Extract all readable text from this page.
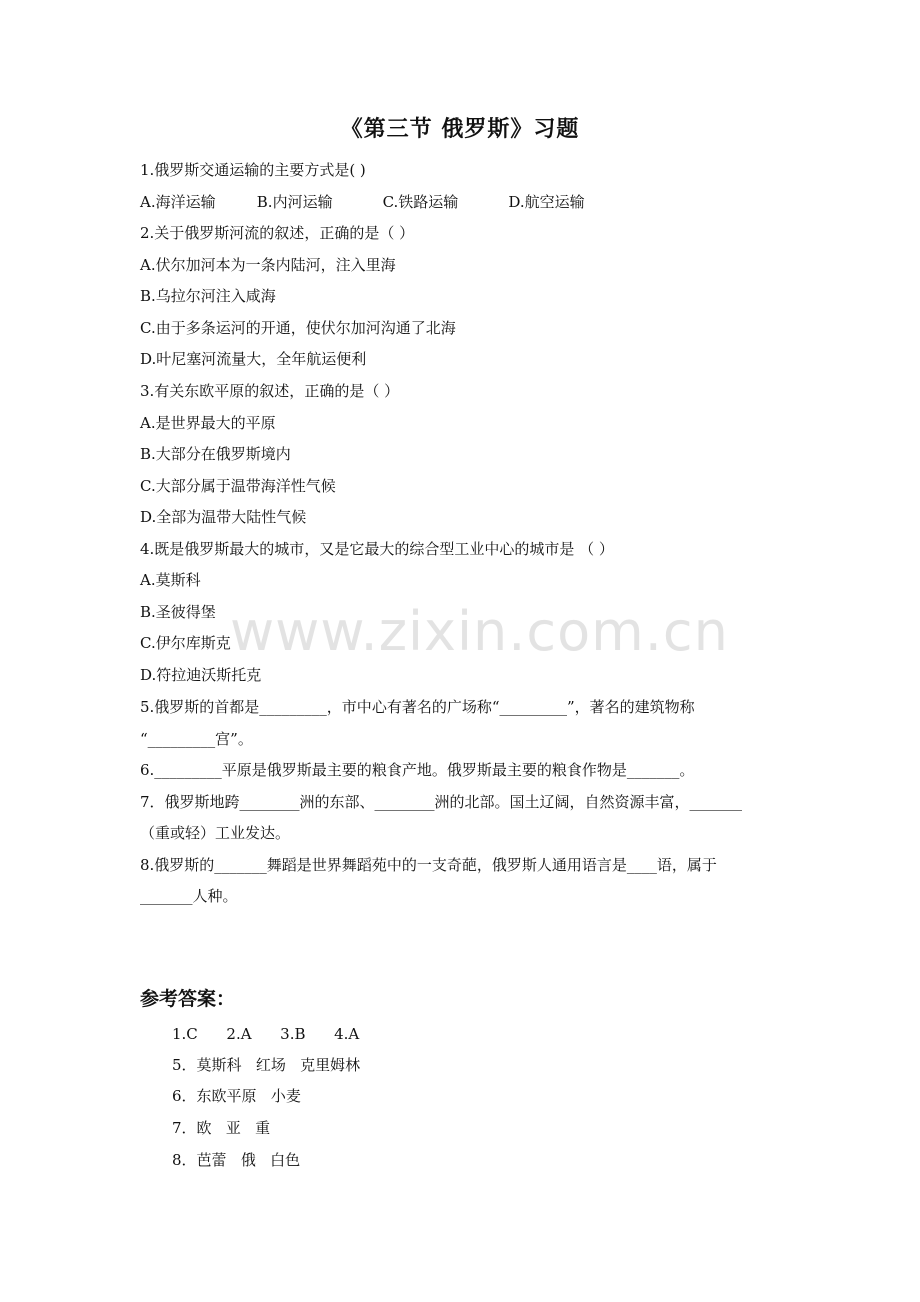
www.zixin.com.cn
《第三节 俄罗斯》习题
1.俄罗斯交通运输的主要方式是( )
A.海洋运输	B.内河运输	C.铁路运输	D.航空运输
2.关于俄罗斯河流的叙述，正确的是（ ）
A.伏尔加河本为一条内陆河，注入里海
B.乌拉尔河注入咸海
C.由于多条运河的开通，使伏尔加河沟通了北海
D.叶尼塞河流量大，全年航运便利
3.有关东欧平原的叙述，正确的是（ ）
A.是世界最大的平原
B.大部分在俄罗斯境内
C.大部分属于温带海洋性气候
D.全部为温带大陆性气候
4.既是俄罗斯最大的城市，又是它最大的综合型工业中心的城市是 （ ）
A.莫斯科
B.圣彼得堡
C.伊尔库斯克
D.符拉迪沃斯托克
5.俄罗斯的首都是_________，市中心有著名的广场称“_________”，著名的建筑物称
“_________宫”。
6._________平原是俄罗斯最主要的粮食产地。俄罗斯最主要的粮食作物是_______。
7．俄罗斯地跨________洲的东部、________洲的北部。国土辽阔，自然资源丰富，_______
（重或轻）工业发达。
8.俄罗斯的_______舞蹈是世界舞蹈苑中的一支奇葩，俄罗斯人通用语言是____语，属于
_______人种。
参考答案：
1.C      2.A      3.B      4.A
5．莫斯科   红场   克里姆林
6．东欧平原   小麦
7．欧   亚   重
8．芭蕾   俄   白色
